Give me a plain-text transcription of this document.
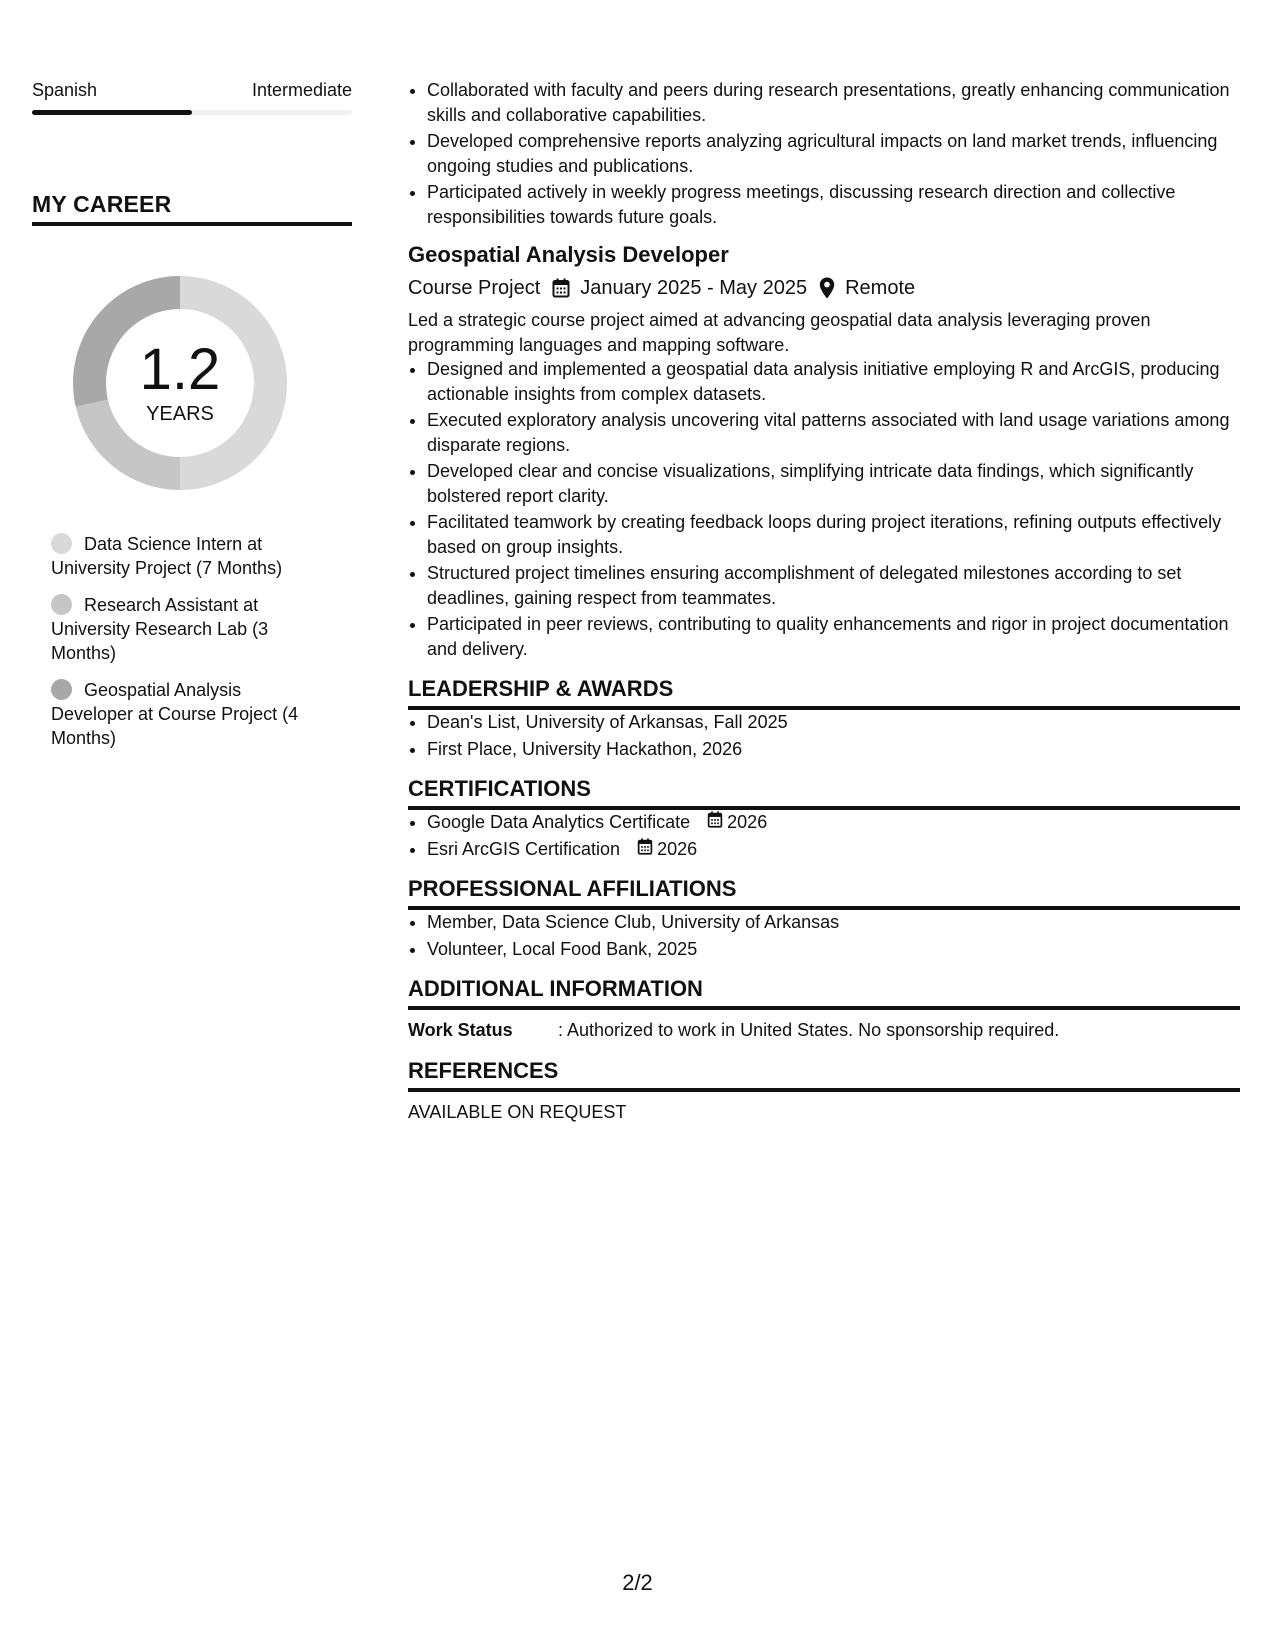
Spanish	Intermediate
MY CAREER
1.2
YEARS
Data Science Intern at University Project (7 Months)
Research Assistant at University Research Lab (3 Months)
Geospatial Analysis Developer at Course Project (4 Months)
• Collaborated with faculty and peers during research presentations, greatly enhancing communication skills and collaborative capabilities.
• Developed comprehensive reports analyzing agricultural impacts on land market trends, influencing ongoing studies and publications.
• Participated actively in weekly progress meetings, discussing research direction and collective responsibilities towards future goals.
Geospatial Analysis Developer
Course Project January 2025 - May 2025 Remote
Led a strategic course project aimed at advancing geospatial data analysis leveraging proven programming languages and mapping software.
• Designed and implemented a geospatial data analysis initiative employing R and ArcGIS, producing actionable insights from complex datasets.
• Executed exploratory analysis uncovering vital patterns associated with land usage variations among disparate regions.
• Developed clear and concise visualizations, simplifying intricate data findings, which significantly bolstered report clarity.
• Facilitated teamwork by creating feedback loops during project iterations, refining outputs effectively based on group insights.
• Structured project timelines ensuring accomplishment of delegated milestones according to set deadlines, gaining respect from teammates.
• Participated in peer reviews, contributing to quality enhancements and rigor in project documentation and delivery.
LEADERSHIP & AWARDS
• Dean's List, University of Arkansas, Fall 2025
• First Place, University Hackathon, 2026
CERTIFICATIONS
• Google Data Analytics Certificate 2026
• Esri ArcGIS Certification 2026
PROFESSIONAL AFFILIATIONS
• Member, Data Science Club, University of Arkansas
• Volunteer, Local Food Bank, 2025
ADDITIONAL INFORMATION
Work Status	: Authorized to work in United States. No sponsorship required.
REFERENCES
AVAILABLE ON REQUEST
2/2
